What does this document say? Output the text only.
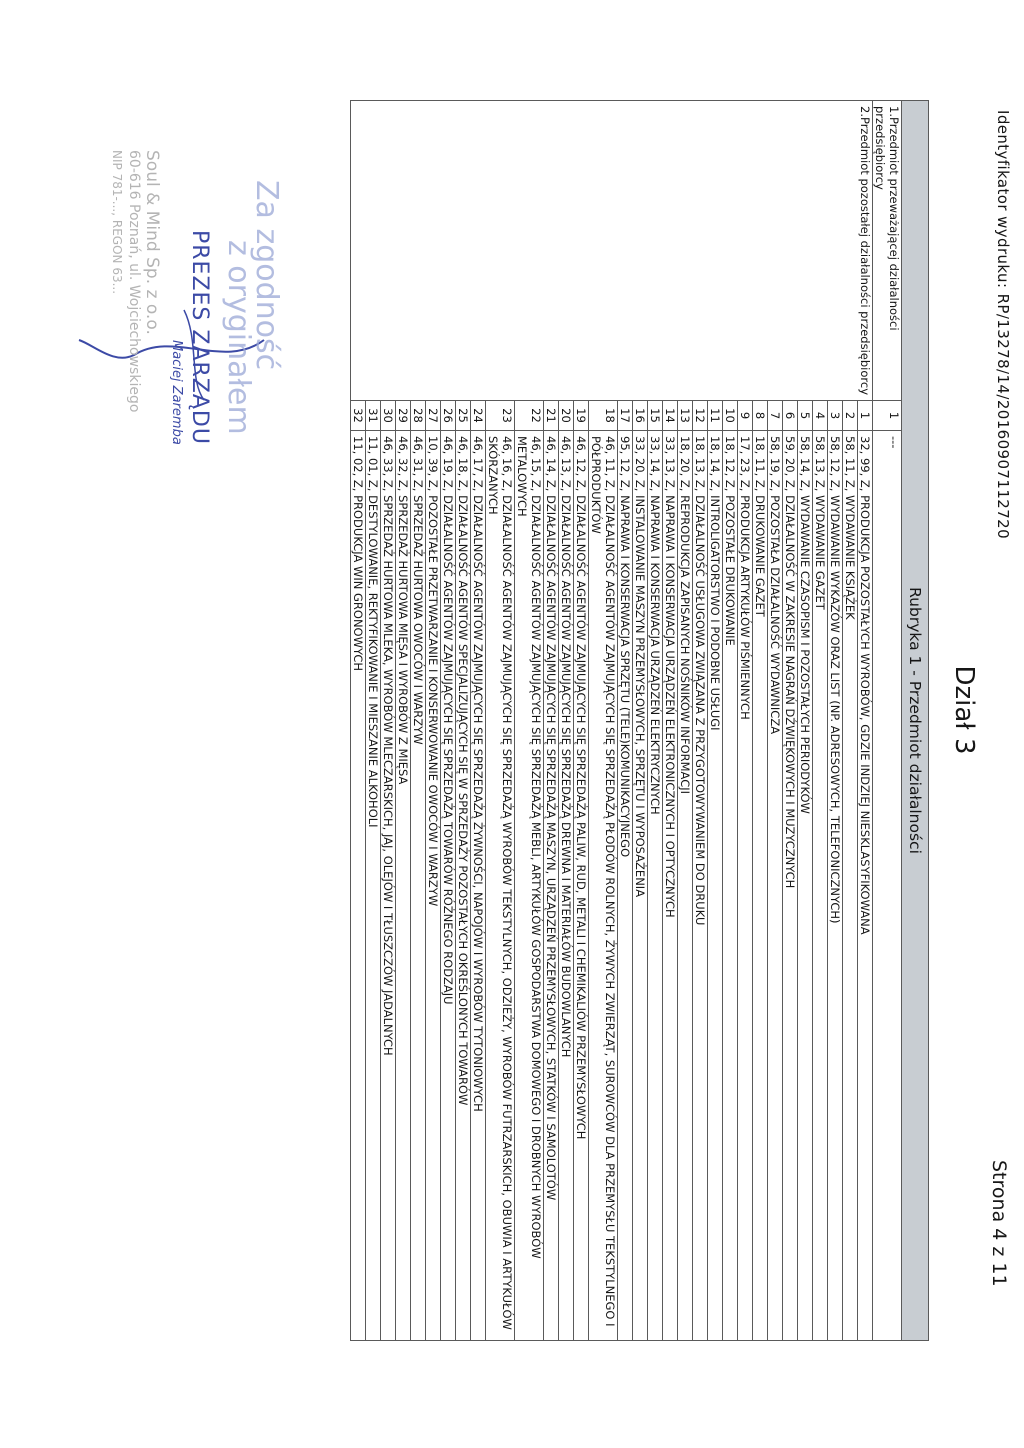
Identyfikator wydruku: RP/13278/14/20160907112720
Strona 4 z 11
Dział 3
Rubryka 1 - Przedmiot działalności		
1.Przedmiot przeważającej działalności przedsiębiorcy	1	---
2.Przedmiot pozostałej działalności przedsiębiorcy	1	32, 99, Z, PRODUKCJA POZOSTAŁYCH WYROBÓW, GDZIE INDZIEJ NIESKLASYFIKOWANA
	2	58, 11, Z, WYDAWANIE KSIĄŻEK
	3	58, 12, Z, WYDAWANIE WYKAZÓW ORAZ LIST (NP. ADRESOWYCH, TELEFONICZNYCH)
	4	58, 13, Z, WYDAWANIE GAZET
	5	58, 14, Z, WYDAWANIE CZASOPISM I POZOSTAŁYCH PERIODYKÓW
	6	59, 20, Z, DZIAŁALNOŚĆ W ZAKRESIE NAGRAŃ DŹWIĘKOWYCH I MUZYCZNYCH
	7	58, 19, Z, POZOSTAŁA DZIAŁALNOŚĆ WYDAWNICZA
	8	18, 11, Z, DRUKOWANIE GAZET
	9	17, 23, Z, PRODUKCJA ARTYKUŁÓW PIŚMIENNYCH
	10	18, 12, Z, POZOSTAŁE DRUKOWANIE
	11	18, 14, Z, INTROLIGATORSTWO I PODOBNE USŁUGI
	12	18, 13, Z, DZIAŁALNOŚĆ USŁUGOWA ZWIĄZANA Z PRZYGOTOWYWANIEM DO DRUKU
	13	18, 20, Z, REPRODUKCJA ZAPISANYCH NOŚNIKÓW INFORMACJI
	14	33, 13, Z, NAPRAWA I KONSERWACJA URZĄDZEŃ ELEKTRONICZNYCH I OPTYCZNYCH
	15	33, 14, Z, NAPRAWA I KONSERWACJA URZĄDZEŃ ELEKTRYCZNYCH
	16	33, 20, Z, INSTALOWANIE MASZYN PRZEMYSŁOWYCH, SPRZĘTU I WYPOSAŻENIA
	17	95, 12, Z, NAPRAWA I KONSERWACJA SPRZĘTU (TELE)KOMUNIKACYJNEGO
	18	46, 11, Z, DZIAŁALNOŚĆ AGENTÓW ZAJMUJĄCYCH SIĘ SPRZEDAŻĄ PŁODÓW ROLNYCH, ŻYWYCH ZWIERZĄT, SUROWCÓW DLA PRZEMYSŁU TEKSTYLNEGO I PÓŁPRODUKTÓW
	19	46, 12, Z, DZIAŁALNOŚĆ AGENTÓW ZAJMUJĄCYCH SIĘ SPRZEDAŻĄ PALIW, RUD, METALI I CHEMIKALIÓW PRZEMYSŁOWYCH
	20	46, 13, Z, DZIAŁALNOŚĆ AGENTÓW ZAJMUJĄCYCH SIĘ SPRZEDAŻĄ DREWNA I MATERIAŁÓW BUDOWLANYCH
	21	46, 14, Z, DZIAŁALNOŚĆ AGENTÓW ZAJMUJĄCYCH SIĘ SPRZEDAŻĄ MASZYN, URZĄDZEŃ PRZEMYSŁOWYCH, STATKÓW I SAMOLOTÓW
	22	46, 15, Z, DZIAŁALNOŚĆ AGENTÓW ZAJMUJĄCYCH SIĘ SPRZEDAŻĄ MEBLI, ARTYKUŁÓW GOSPODARSTWA DOMOWEGO I DROBNYCH WYROBÓW METALOWYCH
	23	46, 16, Z, DZIAŁALNOŚĆ AGENTÓW ZAJMUJĄCYCH SIĘ SPRZEDAŻĄ WYROBÓW TEKSTYLNYCH, ODZIEŻY, WYROBÓW FUTRZARSKICH, OBUWIA I ARTYKUŁÓW SKÓRZANYCH
	24	46, 17, Z, DZIAŁALNOŚĆ AGENTÓW ZAJMUJĄCYCH SIĘ SPRZEDAŻĄ ŻYWNOŚCI, NAPOJÓW I WYROBÓW TYTONIOWYCH
	25	46, 18, Z, DZIAŁALNOŚĆ AGENTÓW SPECJALIZUJĄCYCH SIĘ W SPRZEDAŻY POZOSTAŁYCH OKREŚLONYCH TOWARÓW
	26	46, 19, Z, DZIAŁALNOŚĆ AGENTÓW ZAJMUJĄCYCH SIĘ SPRZEDAŻĄ TOWARÓW RÓŻNEGO RODZAJU
	27	10, 39, Z, POZOSTAŁE PRZETWARZANIE I KONSERWOWANIE OWOCÓW I WARZYW
	28	46, 31, Z, SPRZEDAŻ HURTOWA OWOCÓW I WARZYW
	29	46, 32, Z, SPRZEDAŻ HURTOWA MIĘSA I WYROBÓW Z MIĘSA
	30	46, 33, Z, SPRZEDAŻ HURTOWA MLEKA, WYROBÓW MLECZARSKICH, JAJ, OLEJÓW I TŁUSZCZÓW JADALNYCH
	31	11, 01, Z, DESTYLOWANIE, REKTYFIKOWANIE I MIESZANIE ALKOHOLI
	32	11, 02, Z, PRODUKCJA WIN GRONOWYCH
Za zgodność
z oryginałem
PREZES ZARZĄDU
Maciej Zaremba
Soul & Mind Sp. z o.o.
60-616 Poznań, ul. Wojciechowskiego
NIP 781-..., REGON 63...
